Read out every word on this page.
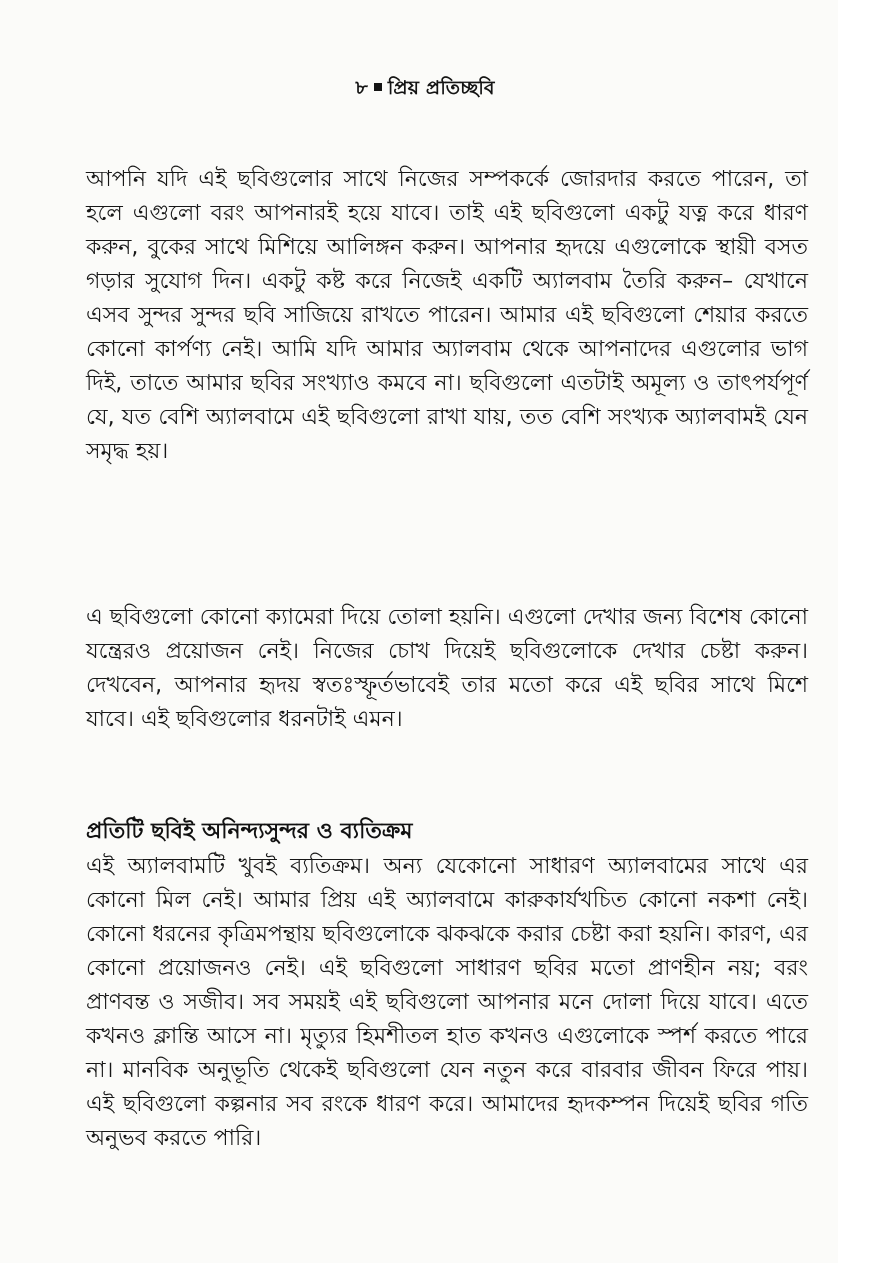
৮ প্রিয় প্রতিচ্ছবি

আপনি যদি এই ছবিগুলোর সাথে নিজের সম্পকর্কে জোরদার করতে পারেন, তা হলে এগুলো বরং আপনারই হয়ে যাবে। তাই এই ছবিগুলো একটু যত্ন করে ধারণ করুন, বুকের সাথে মিশিয়ে আলিঙ্গন করুন। আপনার হৃদয়ে এগুলোকে স্থায়ী বসত গড়ার সুযোগ দিন। একটু কষ্ট করে নিজেই একটি অ্যালবাম তৈরি করুন– যেখানে এসব সুন্দর সুন্দর ছবি সাজিয়ে রাখতে পারেন। আমার এই ছবিগুলো শেয়ার করতে কোনো কার্পণ্য নেই। আমি যদি আমার অ্যালবাম থেকে আপনাদের এগুলোর ভাগ দিই, তাতে আমার ছবির সংখ্যাও কমবে না। ছবিগুলো এতটাই অমূল্য ও তাৎপর্যপূর্ণ যে, যত বেশি অ্যালবামে এই ছবিগুলো রাখা যায়, তত বেশি সংখ্যক অ্যালবামই যেন সমৃদ্ধ হয়।

এ ছবিগুলো কোনো ক্যামেরা দিয়ে তোলা হয়নি। এগুলো দেখার জন্য বিশেষ কোনো যন্ত্রেরও প্রয়োজন নেই। নিজের চোখ দিয়েই ছবিগুলোকে দেখার চেষ্টা করুন। দেখবেন, আপনার হৃদয় স্বতঃস্ফূর্তভাবেই তার মতো করে এই ছবির সাথে মিশে যাবে। এই ছবিগুলোর ধরনটাই এমন।

প্রতিটি ছবিই অনিন্দ্যসুন্দর ও ব্যতিক্রম

এই অ্যালবামটি খুবই ব্যতিক্রম। অন্য যেকোনো সাধারণ অ্যালবামের সাথে এর কোনো মিল নেই। আমার প্রিয় এই অ্যালবামে কারুকার্যখচিত কোনো নকশা নেই। কোনো ধরনের কৃত্রিমপন্থায় ছবিগুলোকে ঝকঝকে করার চেষ্টা করা হয়নি। কারণ, এর কোনো প্রয়োজনও নেই। এই ছবিগুলো সাধারণ ছবির মতো প্রাণহীন নয়; বরং প্রাণবন্ত ও সজীব। সব সময়ই এই ছবিগুলো আপনার মনে দোলা দিয়ে যাবে। এতে কখনও ক্লান্তি আসে না। মৃত্যুর হিমশীতল হাত কখনও এগুলোকে স্পর্শ করতে পারে না। মানবিক অনুভূতি থেকেই ছবিগুলো যেন নতুন করে বারবার জীবন ফিরে পায়। এই ছবিগুলো কল্পনার সব রংকে ধারণ করে। আমাদের হৃদকম্পন দিয়েই ছবির গতি অনুভব করতে পারি।
